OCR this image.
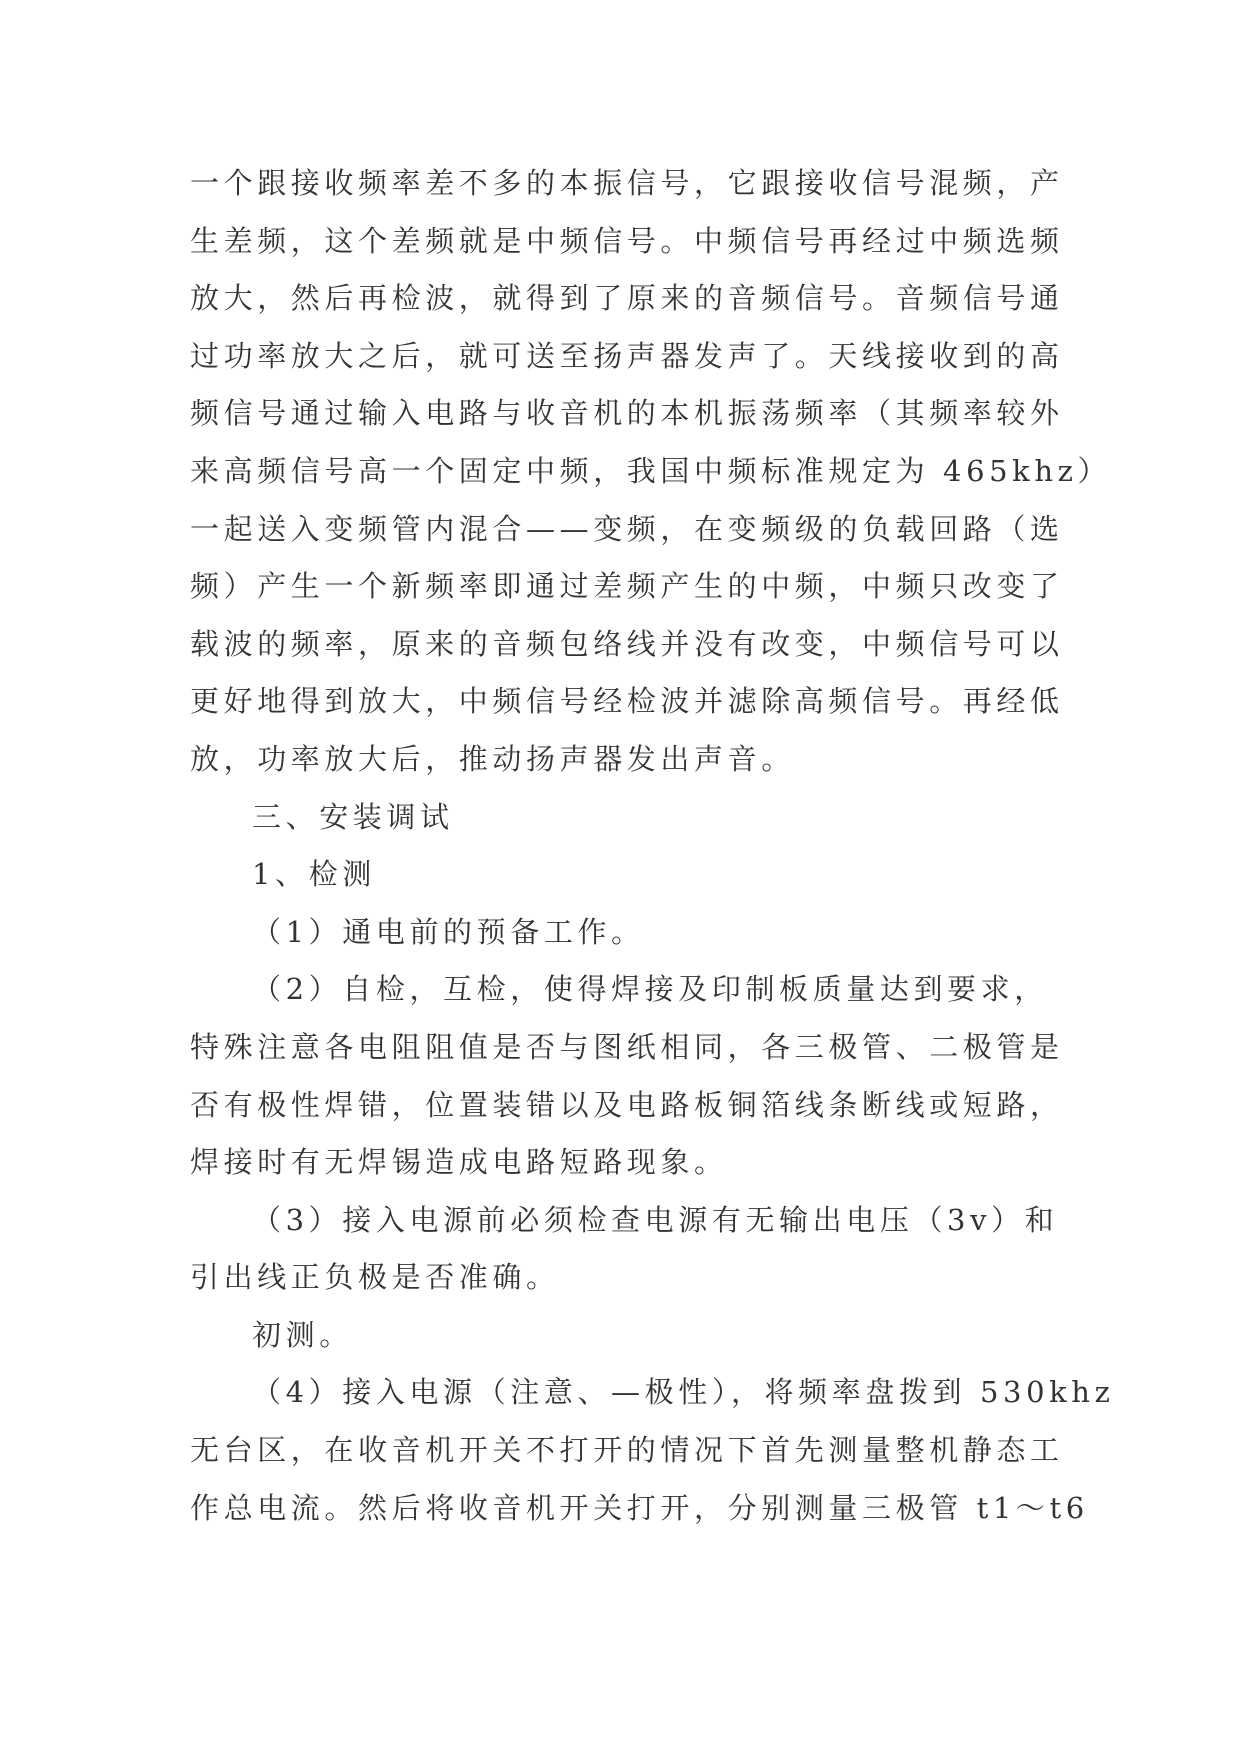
一个跟接收频率差不多的本振信号，它跟接收信号混频，产
生差频，这个差频就是中频信号。中频信号再经过中频选频
放大，然后再检波，就得到了原来的音频信号。音频信号通
过功率放大之后，就可送至扬声器发声了。天线接收到的高
频信号通过输入电路与收音机的本机振荡频率（其频率较外
来高频信号高一个固定中频，我国中频标准规定为 465khz）
一起送入变频管内混合——变频，在变频级的负载回路（选
频）产生一个新频率即通过差频产生的中频，中频只改变了
载波的频率，原来的音频包络线并没有改变，中频信号可以
更好地得到放大，中频信号经检波并滤除高频信号。再经低
放，功率放大后，推动扬声器发出声音。
三、安装调试
1、检测
（1）通电前的预备工作。
（2）自检，互检，使得焊接及印制板质量达到要求，
特殊注意各电阻阻值是否与图纸相同，各三极管、二极管是
否有极性焊错，位置装错以及电路板铜箔线条断线或短路，
焊接时有无焊锡造成电路短路现象。
（3）接入电源前必须检查电源有无输出电压（3v）和
引出线正负极是否准确。
初测。
（4）接入电源（注意、—极性），将频率盘拨到 530khz
无台区，在收音机开关不打开的情况下首先测量整机静态工
作总电流。然后将收音机开关打开，分别测量三极管 t1～t6
